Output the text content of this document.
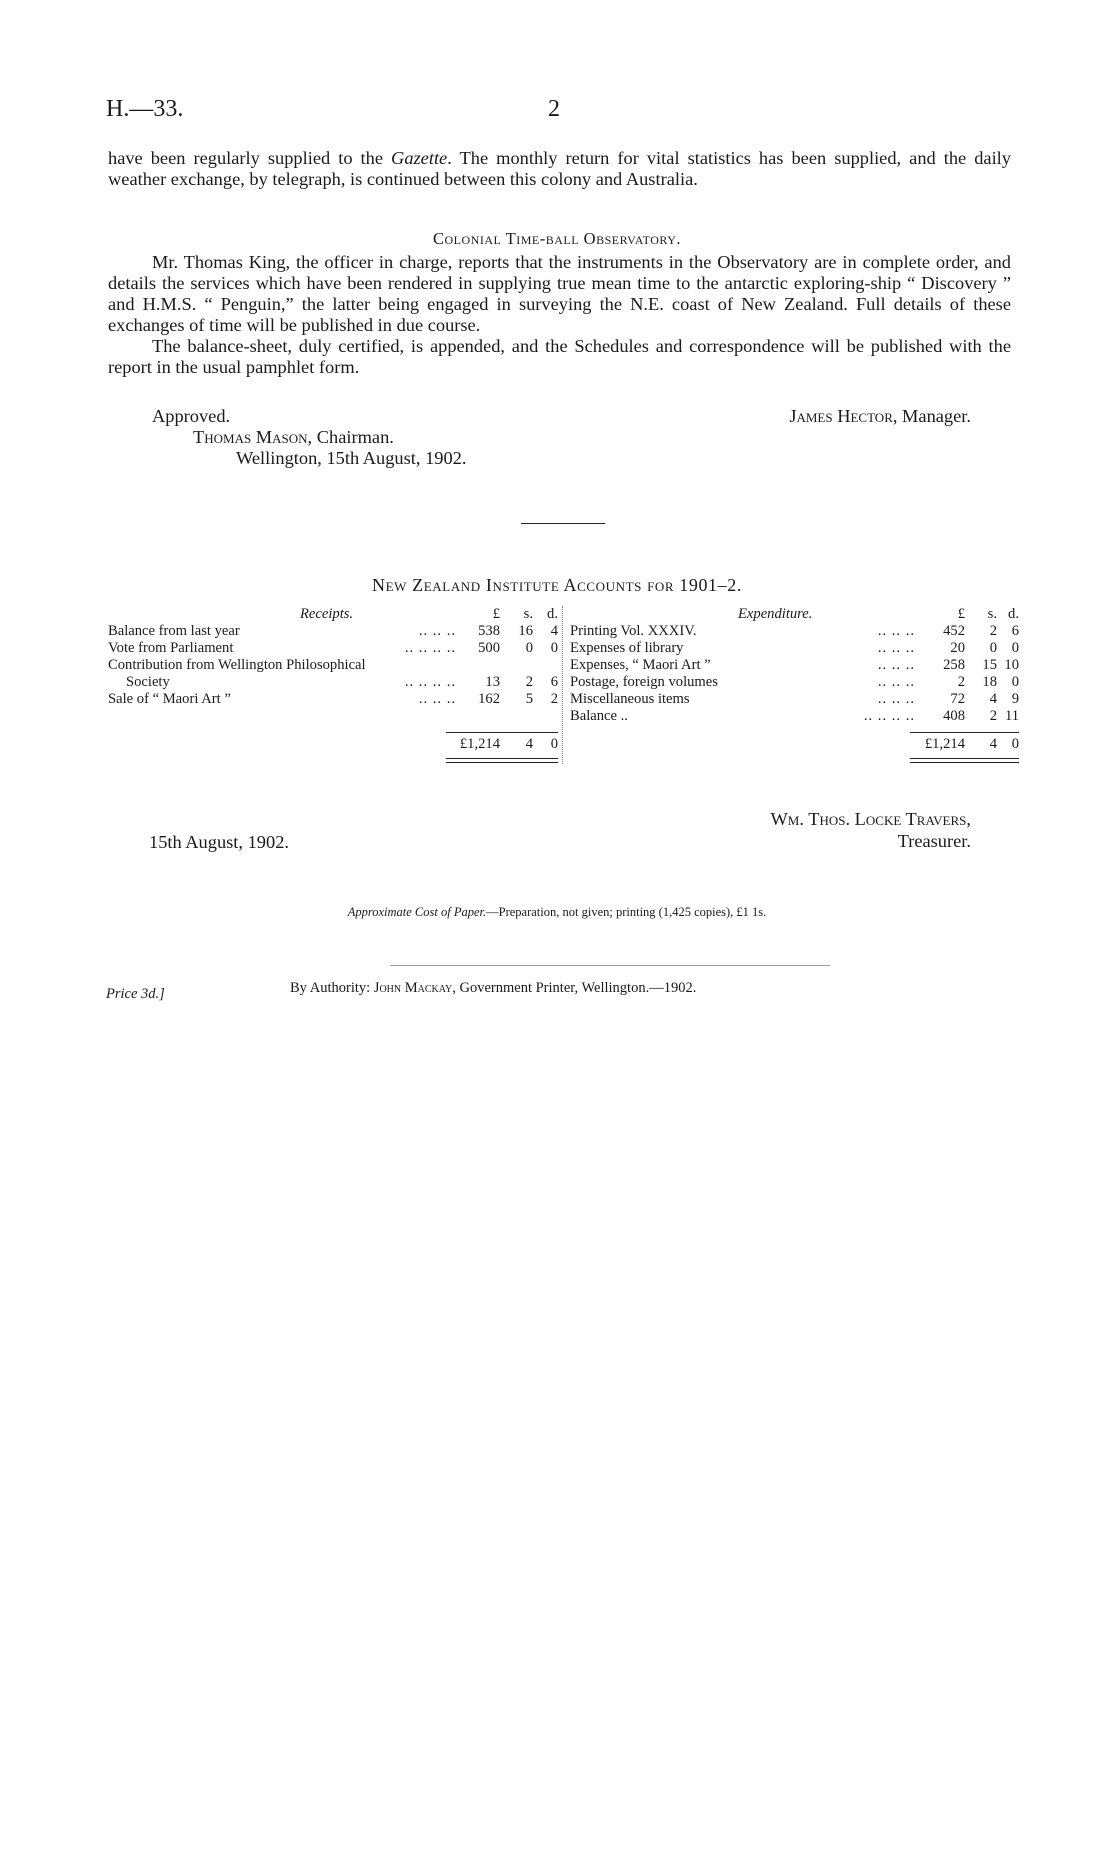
H.—33.	2

have been regularly supplied to the Gazette. The monthly return for vital statistics has been supplied, and the daily weather exchange, by telegraph, is continued between this colony and Australia.

Colonial Time-ball Observatory.

Mr. Thomas King, the officer in charge, reports that the instruments in the Observatory are in complete order, and details the services which have been rendered in supplying true mean time to the antarctic exploring-ship “ Discovery ” and H.M.S. “ Penguin,” the latter being engaged in surveying the N.E. coast of New Zealand. Full details of these exchanges of time will be published in due course.

The balance-sheet, duly certified, is appended, and the Schedules and correspondence will be published with the report in the usual pamphlet form.

Approved.
Thomas Mason, Chairman.
Wellington, 15th August, 1902.
James Hector, Manager.
New Zealand Institute Accounts for 1901–2.
Receipts.	£	s. d.
Balance from last year	.. .. ..	538	16	4
Vote from Parliament	.. .. .. ..	500	0	0
Contribution from Wellington Philosophical
Society	.. .. .. ..	13	2	6
Sale of “ Maori Art ”	.. .. ..	162	5	2
£1,214	4	0
Expenditure.	£	s. d.
Printing Vol. XXXIV.	.. .. ..	452	2	6
Expenses of library	.. .. ..	20	0	0
Expenses, “ Maori Art ”	.. .. ..	258	15 10
Postage, foreign volumes	.. .. ..	2	18	0
Miscellaneous items	.. .. ..	72	4	9
Balance ..	.. .. .. ..	408	2 11
£1,214	4	0
Wm. Thos. Locke Travers,
Treasurer.
15th August, 1902.
Approximate Cost of Paper.—Preparation, not given; printing (1,425 copies), £1 1s.
Price 3d.]	By Authority: John Mackay, Government Printer, Wellington.—1902.
